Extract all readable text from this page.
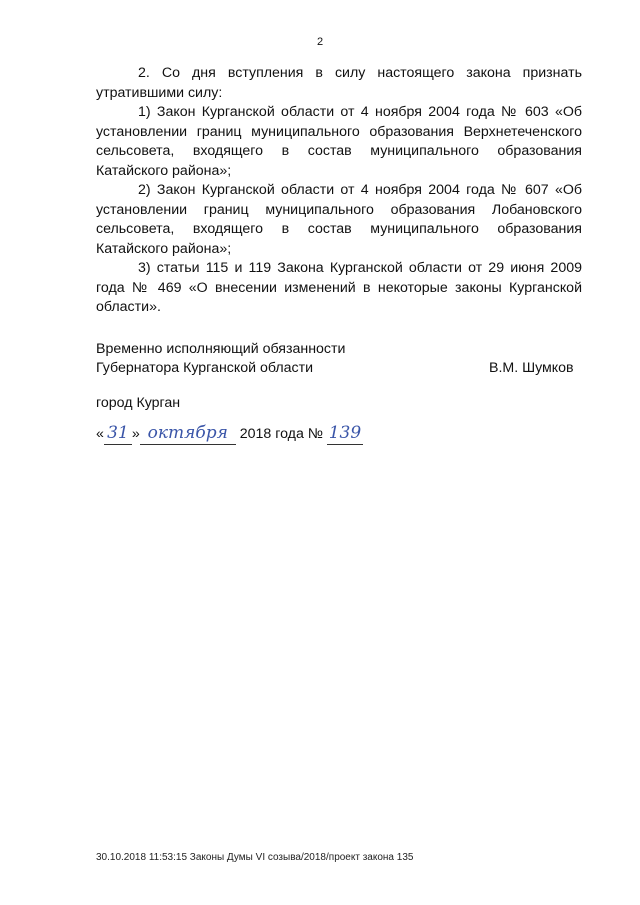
2

2. Со дня вступления в силу настоящего закона признать утратившими силу:

1) Закон Курганской области от 4 ноября 2004 года № 603 «Об установлении границ муниципального образования Верхнетеченского сельсовета, входящего в состав муниципального образования Катайского района»;

2) Закон Курганской области от 4 ноября 2004 года № 607 «Об установлении границ муниципального образования Лобановского сельсовета, входящего в состав муниципального образования Катайского района»;

3) статьи 115 и 119 Закона Курганской области от 29 июня 2009 года № 469 «О внесении изменений в некоторые законы Курганской области».

Временно исполняющий обязанности
Губернатора Курганской области	В.М. Шумков
город Курган
« 31 » октября 2018 года № 139
30.10.2018 11:53:15 Законы Думы VI созыва/2018/проект закона 135
